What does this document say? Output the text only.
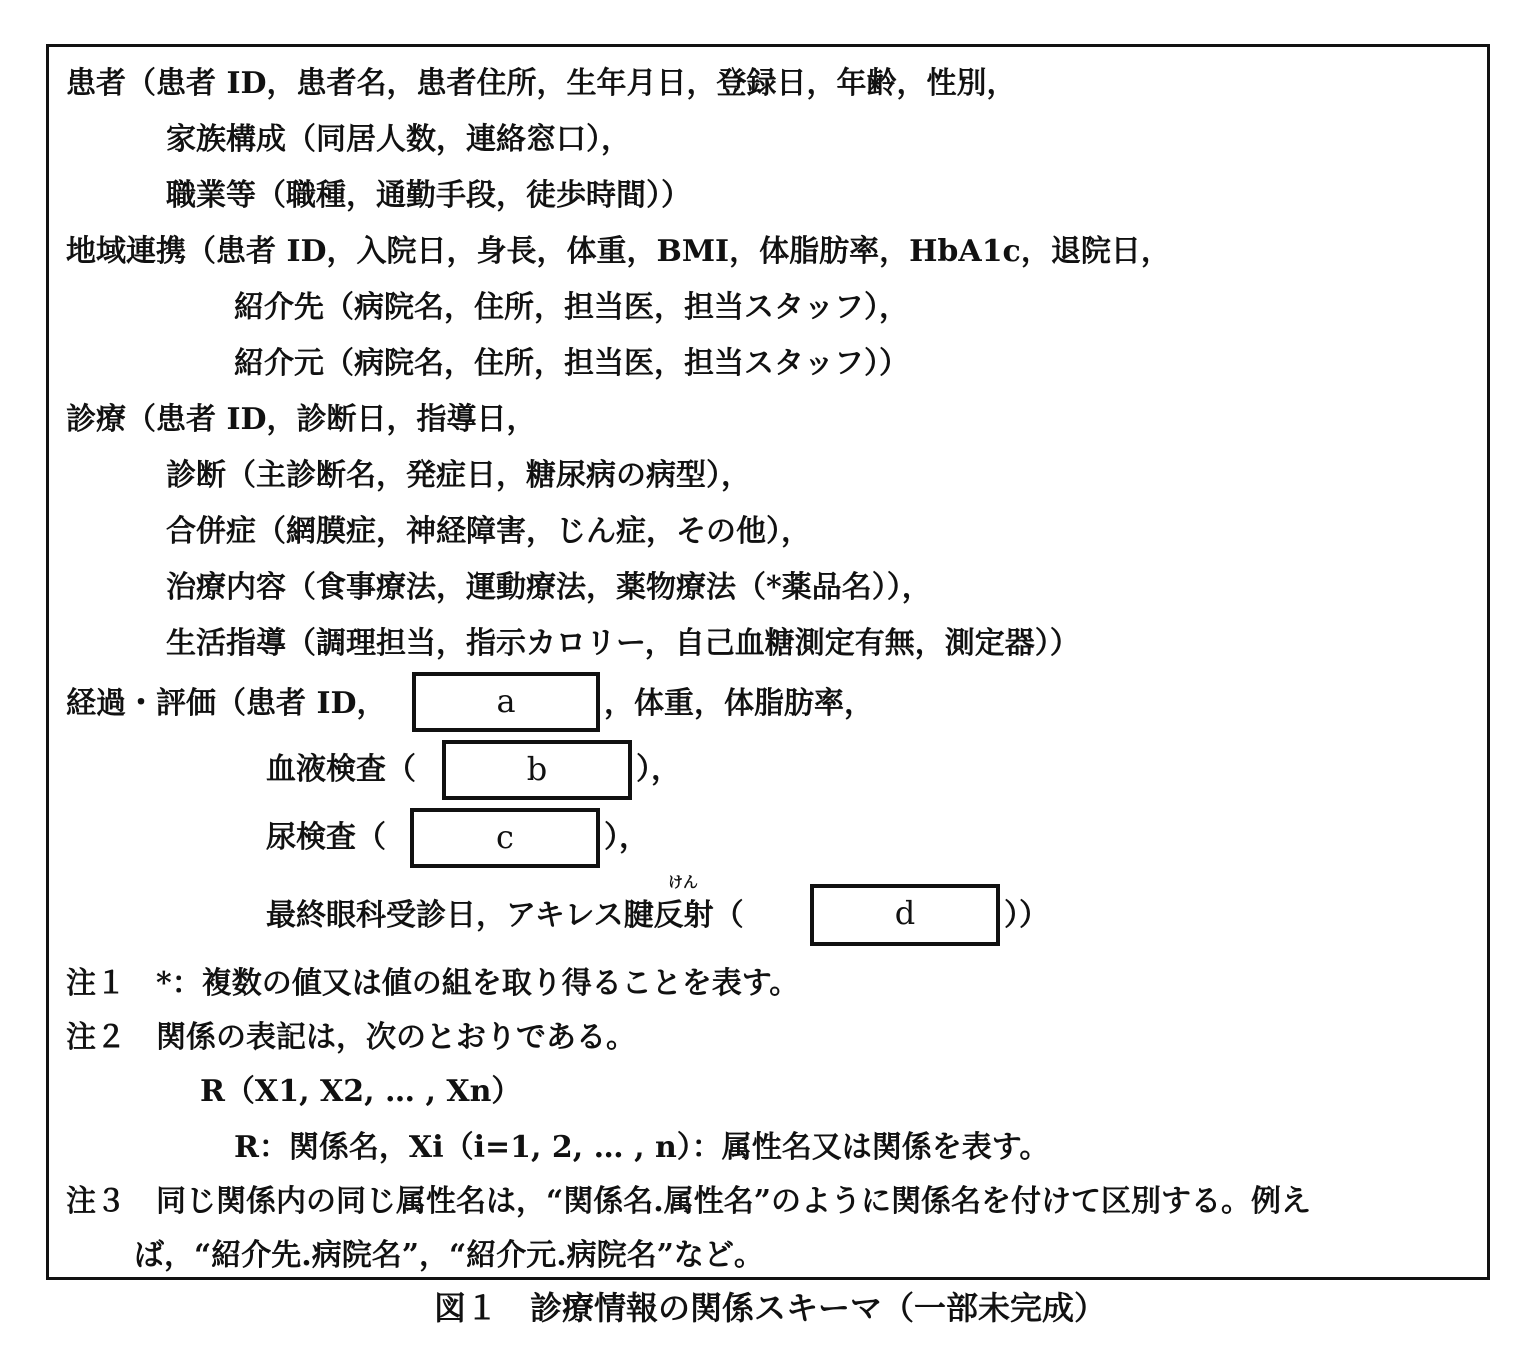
患者（患者 ID，患者名，患者住所，生年月日，登録日，年齢，性別，
家族構成（同居人数，連絡窓口），
職業等（職種，通勤手段，徒歩時間））
地域連携（患者 ID，入院日，身長，体重，BMI，体脂肪率，HbA1c，退院日，
紹介先（病院名，住所，担当医，担当スタッフ），
紹介元（病院名，住所，担当医，担当スタッフ））
診療（患者 ID，診断日，指導日，
診断（主診断名，発症日，糖尿病の病型），
合併症（網膜症，神経障害，じん症，その他），
治療内容（食事療法，運動療法，薬物療法（*薬品名）），
生活指導（調理担当，指示カロリー，自己血糖測定有無，測定器））
経過・評価（患者 ID，	a	，体重，体脂肪率，
血液検査（	b	），
尿検査（	c	），
けん
最終眼科受診日，アキレス腱反射（	d	））
注１　*：複数の値又は値の組を取り得ることを表す。
注２　関係の表記は，次のとおりである。
R（X1, X2, … , Xn）
R：関係名，Xi（i=1, 2, … , n）：属性名又は関係を表す。
注３　同じ関係内の同じ属性名は，“関係名.属性名”のように関係名を付けて区別する。例え
ば，“紹介先.病院名”，“紹介元.病院名”など。
図１　診療情報の関係スキーマ（一部未完成）
